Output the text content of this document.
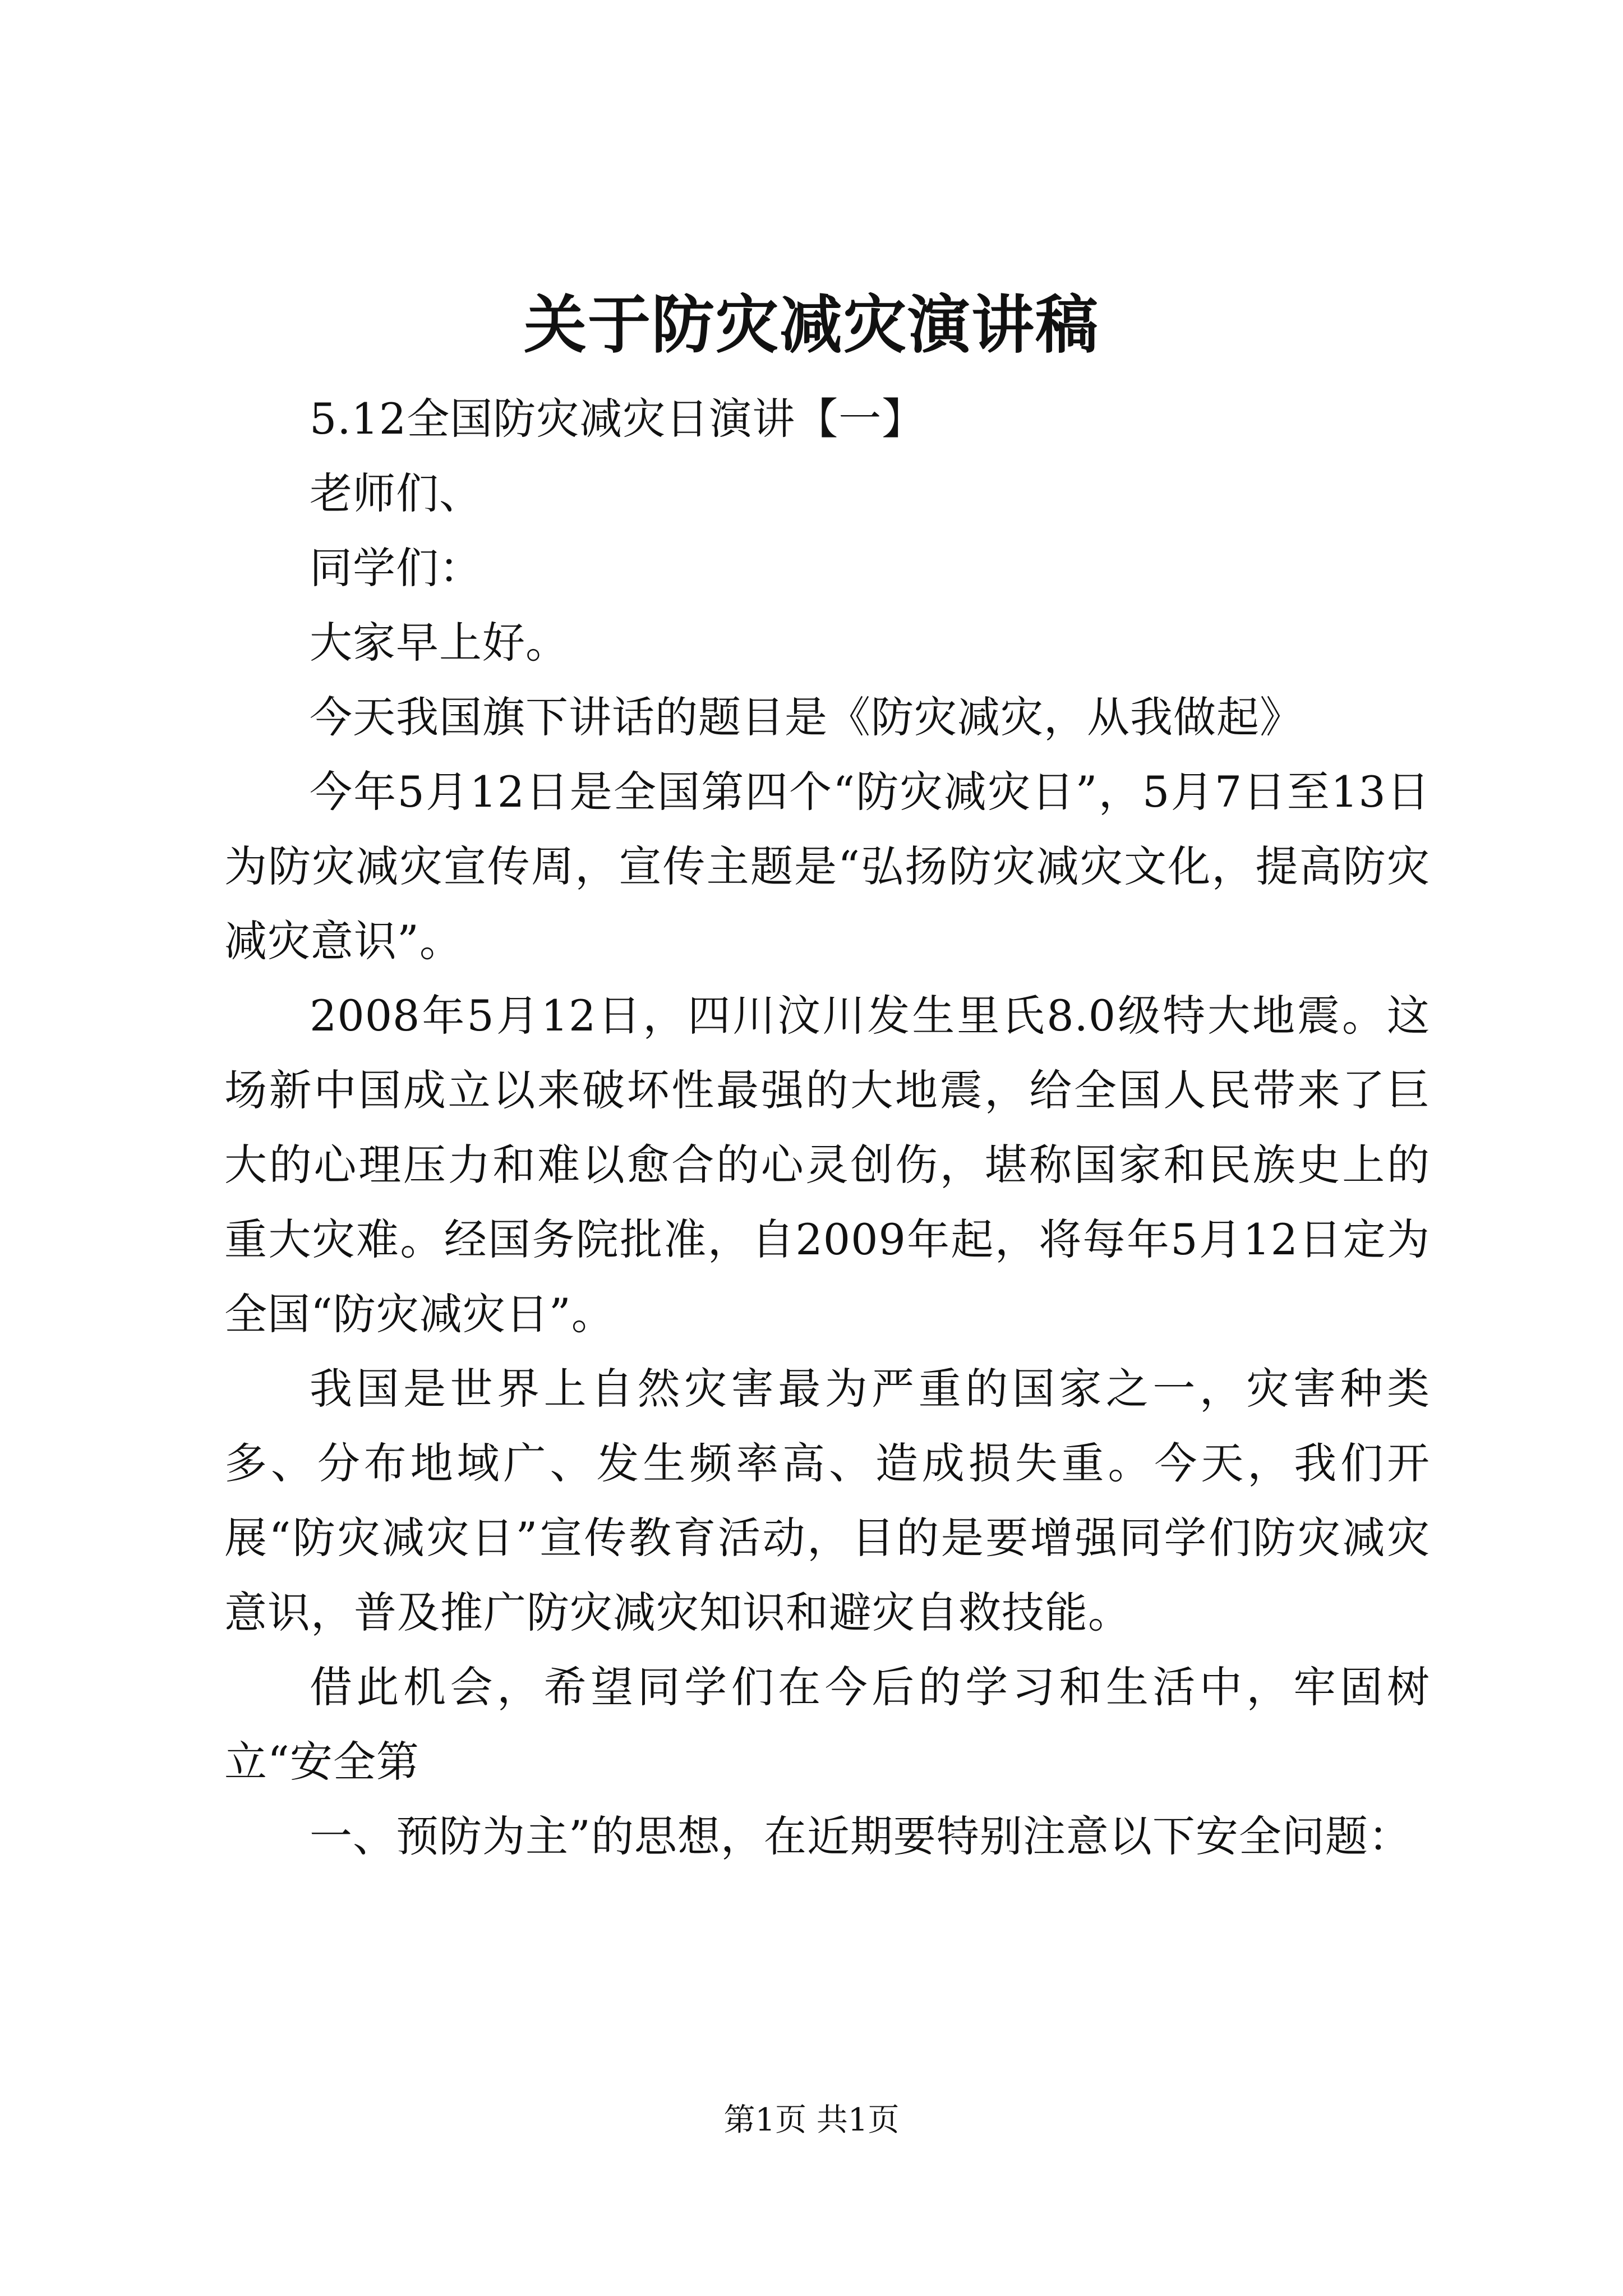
关于防灾减灾演讲稿

5.12全国防灾减灾日演讲【一】

老师们、

同学们：

大家早上好。

今天我国旗下讲话的题目是《防灾减灾，从我做起》

今年5月12日是全国第四个“防灾减灾日”，5月7日至13日为防灾减灾宣传周，宣传主题是“弘扬防灾减灾文化，提高防灾减灾意识”。

2008年5月12日，四川汶川发生里氏8.0级特大地震。这场新中国成立以来破坏性最强的大地震，给全国人民带来了巨大的心理压力和难以愈合的心灵创伤，堪称国家和民族史上的重大灾难。经国务院批准，自2009年起，将每年5月12日定为全国“防灾减灾日”。

我国是世界上自然灾害最为严重的国家之一，灾害种类多、分布地域广、发生频率高、造成损失重。今天，我们开展“防灾减灾日”宣传教育活动，目的是要增强同学们防灾减灾意识，普及推广防灾减灾知识和避灾自救技能。

借此机会，希望同学们在今后的学习和生活中，牢固树立“安全第

一、预防为主”的思想，在近期要特别注意以下安全问题：

第1页 共1页
